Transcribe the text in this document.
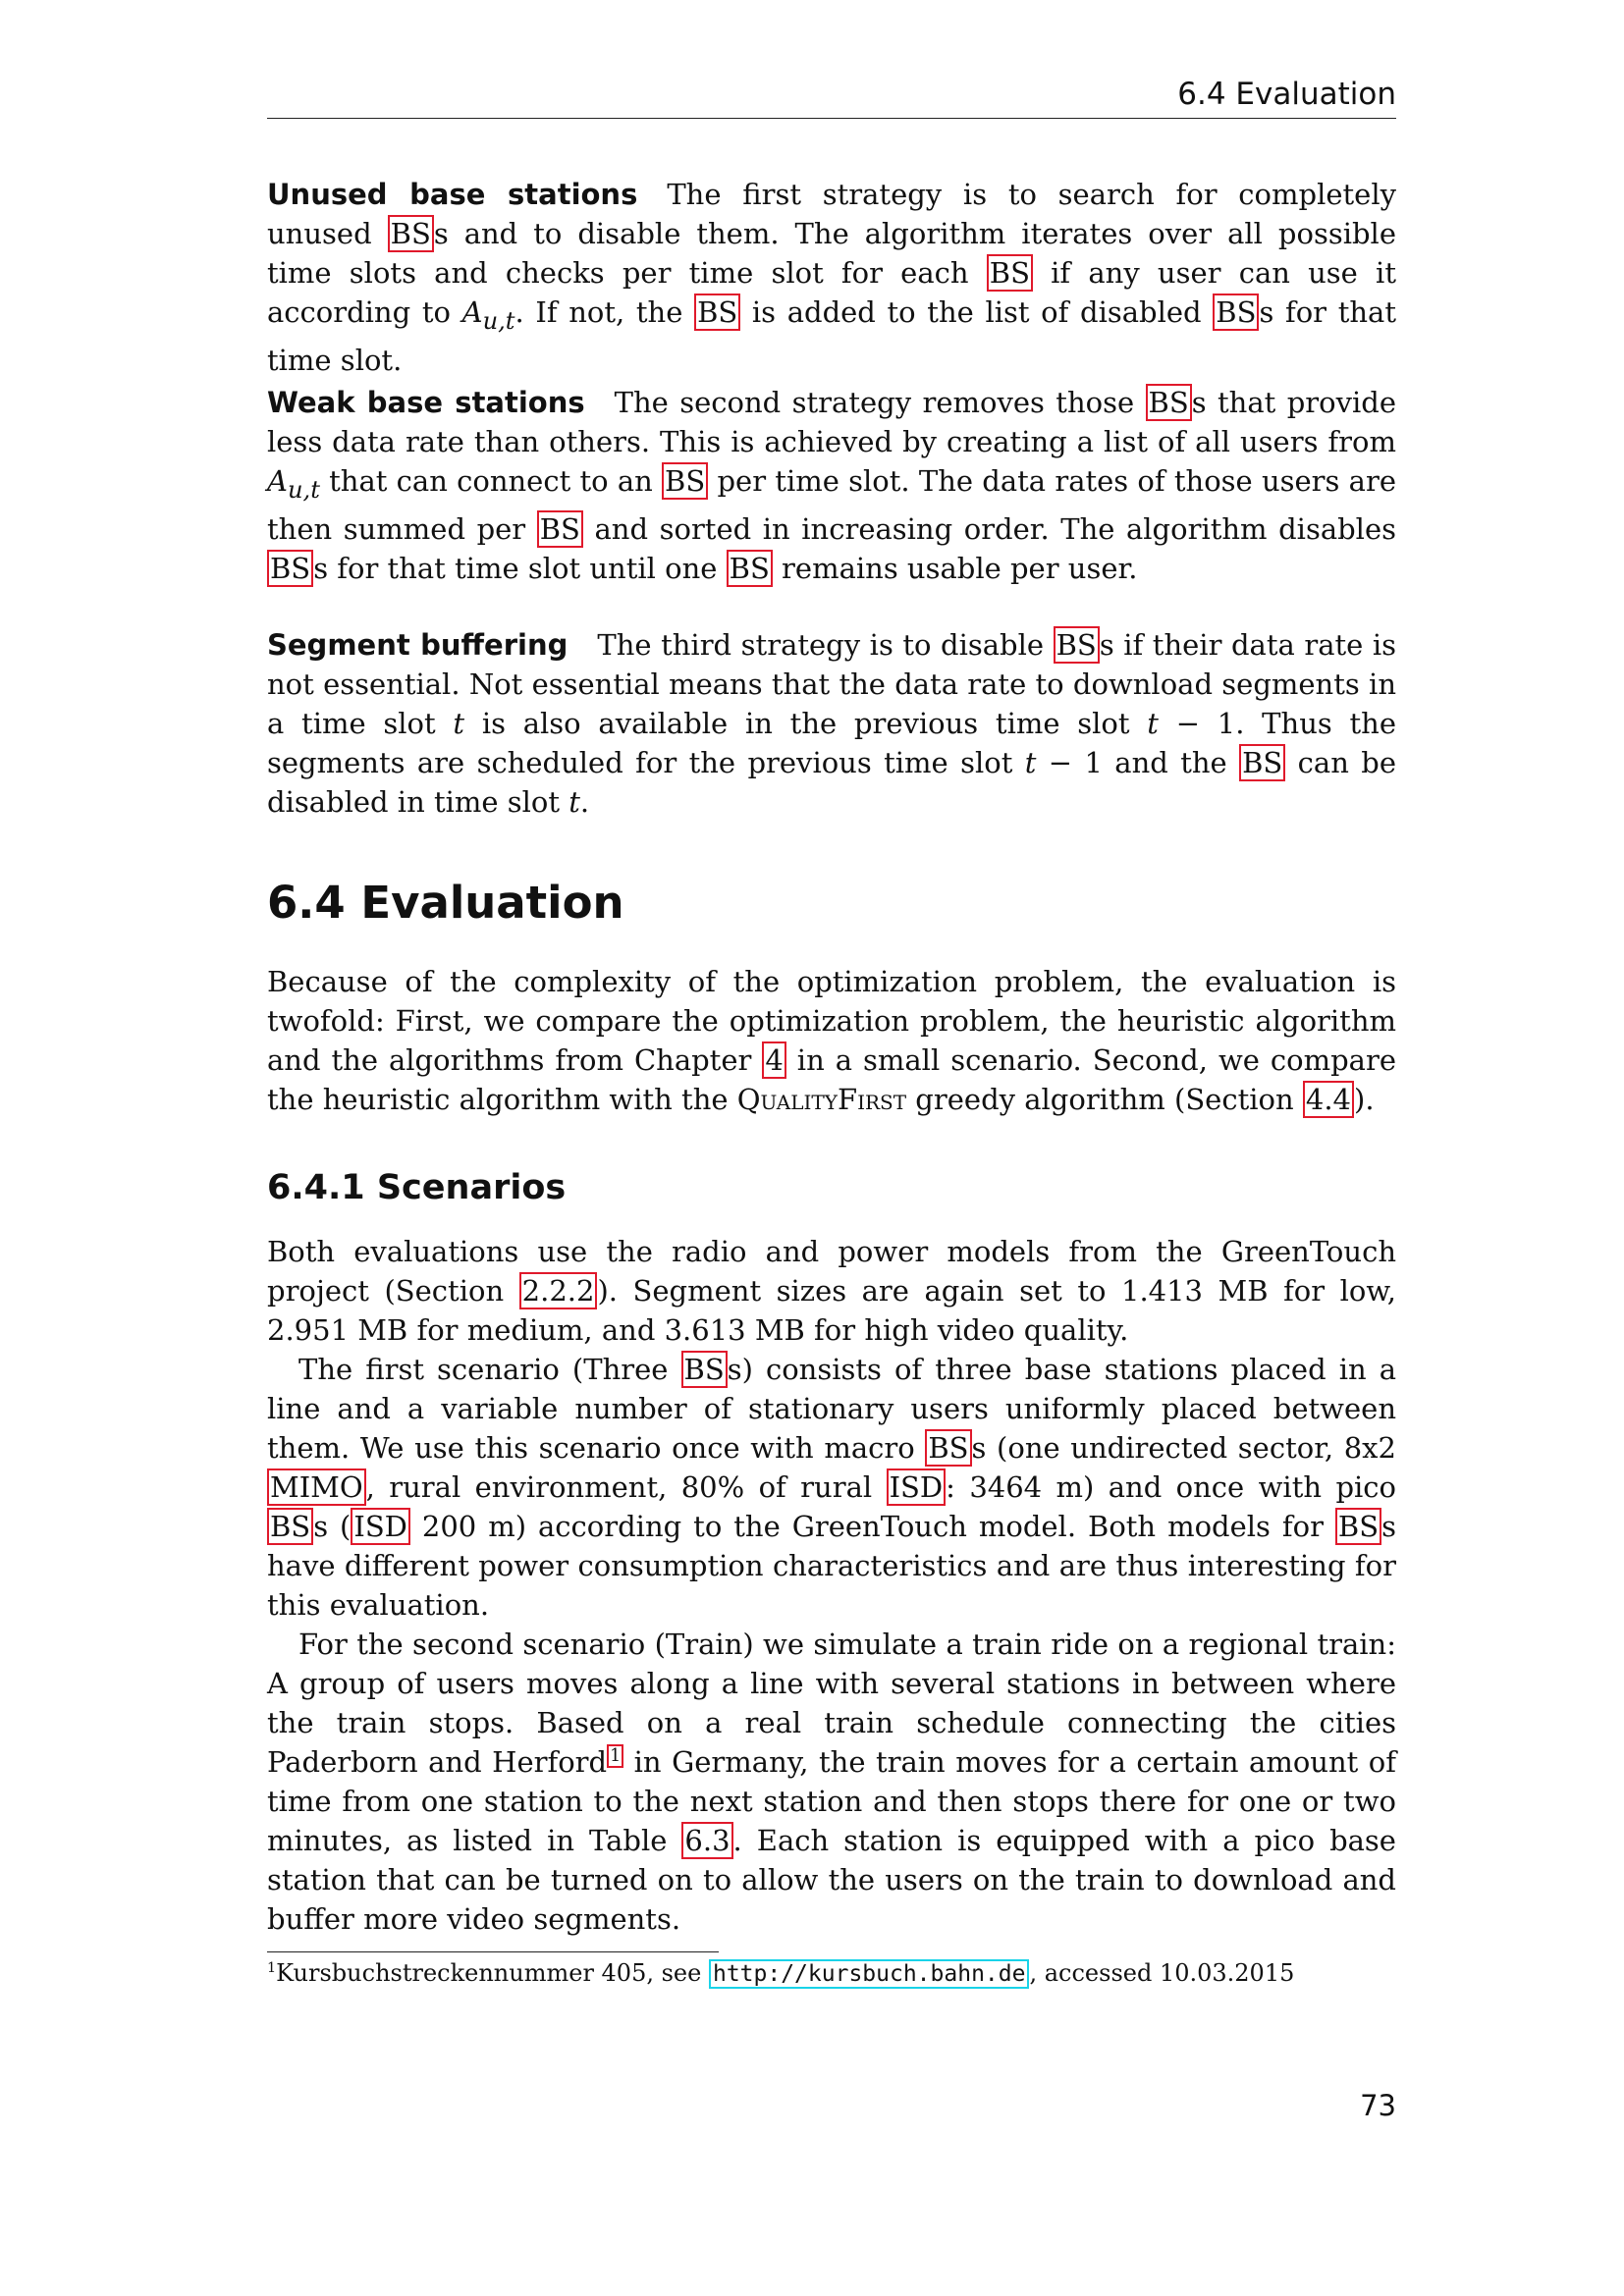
6.4 Evaluation

Unused base stations The first strategy is to search for completely unused BS s and to disable them. The algorithm iterates over all possible time slots and checks per time slot for each BS if any user can use it according to $A_{u,t}$. If not, the BS is added to the list of disabled BS s for that time slot.

Weak base stations The second strategy removes those BS s that provide less data rate than others. This is achieved by creating a list of all users from $A_{u,t}$ that can connect to an BS per time slot. The data rates of those users are then summed per BS and sorted in increasing order. The algorithm disables BS s for that time slot until one BS remains usable per user.

Segment buffering The third strategy is to disable BS s if their data rate is not essential. Not essential means that the data rate to download segments in a time slot t is also available in the previous time slot t − 1. Thus the segments are scheduled for the previous time slot t − 1 and the BS can be disabled in time slot t.

6.4 Evaluation

Because of the complexity of the optimization problem, the evaluation is twofold: First, we compare the optimization problem, the heuristic algorithm and the algorithms from Chapter 4 in a small scenario. Second, we compare the heuristic algorithm with the QualityFirst greedy algorithm (Section 4.4 ).

6.4.1 Scenarios

Both evaluations use the radio and power models from the GreenTouch project (Section 2.2.2 ). Segment sizes are again set to 1.413 MB for low, 2.951 MB for medium, and 3.613 MB for high video quality.

The first scenario (Three BS s) consists of three base stations placed in a line and a variable number of stationary users uniformly placed between them. We use this scenario once with macro BS s (one undirected sector, 8x2 MIMO , rural environment, 80% of rural ISD : 3464 m) and once with pico BS s ( ISD 200 m) according to the GreenTouch model. Both models for BS s have different power consumption characteristics and are thus interesting for this evaluation.

For the second scenario (Train) we simulate a train ride on a regional train: A group of users moves along a line with several stations in between where the train stops. Based on a real train schedule connecting the cities Paderborn and Herford $^1$ in Germany, the train moves for a certain amount of time from one station to the next station and then stops there for one or two minutes, as listed in Table 6.3 . Each station is equipped with a pico base station that can be turned on to allow the users on the train to download and buffer more video segments.

$^1$Kursbuchstreckennummer 405, see http://kursbuch.bahn.de , accessed 10.03.2015
73
